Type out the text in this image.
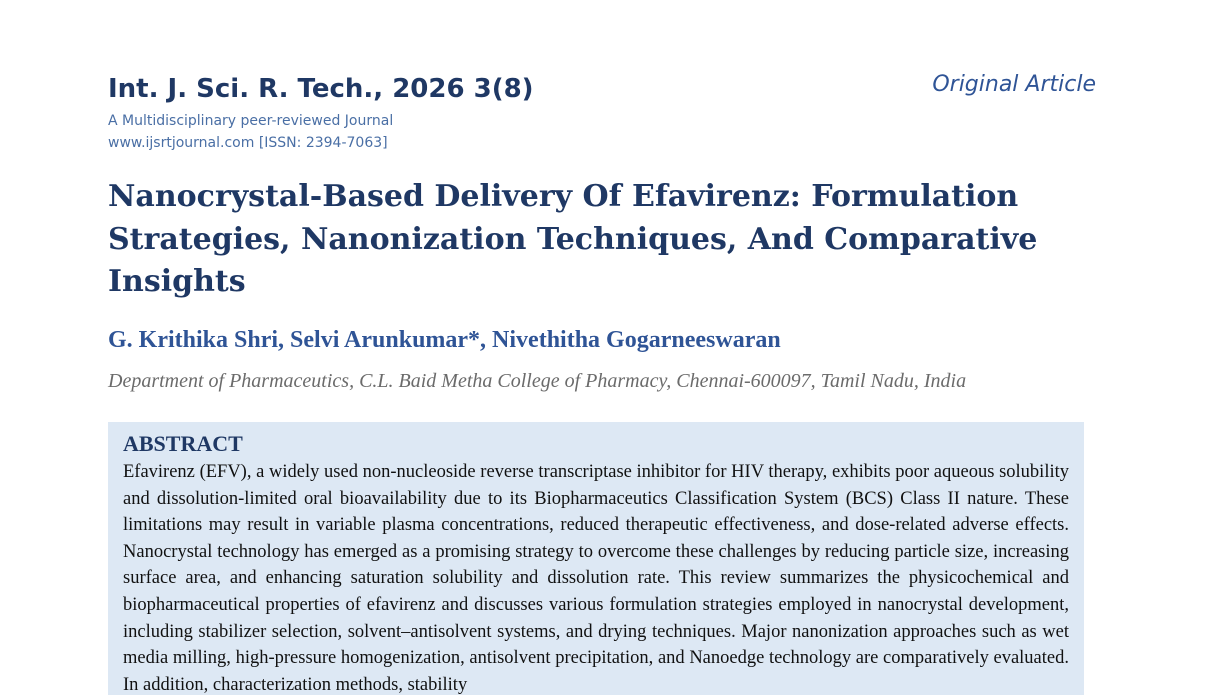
Int. J. Sci. R. Tech., 2026 3(8)
A Multidisciplinary peer-reviewed Journal
www.ijsrtjournal.com [ISSN: 2394-7063]
Original Article
Nanocrystal-Based Delivery Of Efavirenz: Formulation Strategies, Nanonization Techniques, And Comparative Insights
G. Krithika Shri, Selvi Arunkumar*, Nivethitha Gogarneeswaran
Department of Pharmaceutics, C.L. Baid Metha College of Pharmacy, Chennai-600097, Tamil Nadu, India
ABSTRACT

Efavirenz (EFV), a widely used non-nucleoside reverse transcriptase inhibitor for HIV therapy, exhibits poor aqueous solubility and dissolution-limited oral bioavailability due to its Biopharmaceutics Classification System (BCS) Class II nature. These limitations may result in variable plasma concentrations, reduced therapeutic effectiveness, and dose-related adverse effects. Nanocrystal technology has emerged as a promising strategy to overcome these challenges by reducing particle size, increasing surface area, and enhancing saturation solubility and dissolution rate. This review summarizes the physicochemical and biopharmaceutical properties of efavirenz and discusses various formulation strategies employed in nanocrystal development, including stabilizer selection, solvent–antisolvent systems, and drying techniques. Major nanonization approaches such as wet media milling, high-pressure homogenization, antisolvent precipitation, and Nanoedge technology are comparatively evaluated. In addition, characterization methods, stability
